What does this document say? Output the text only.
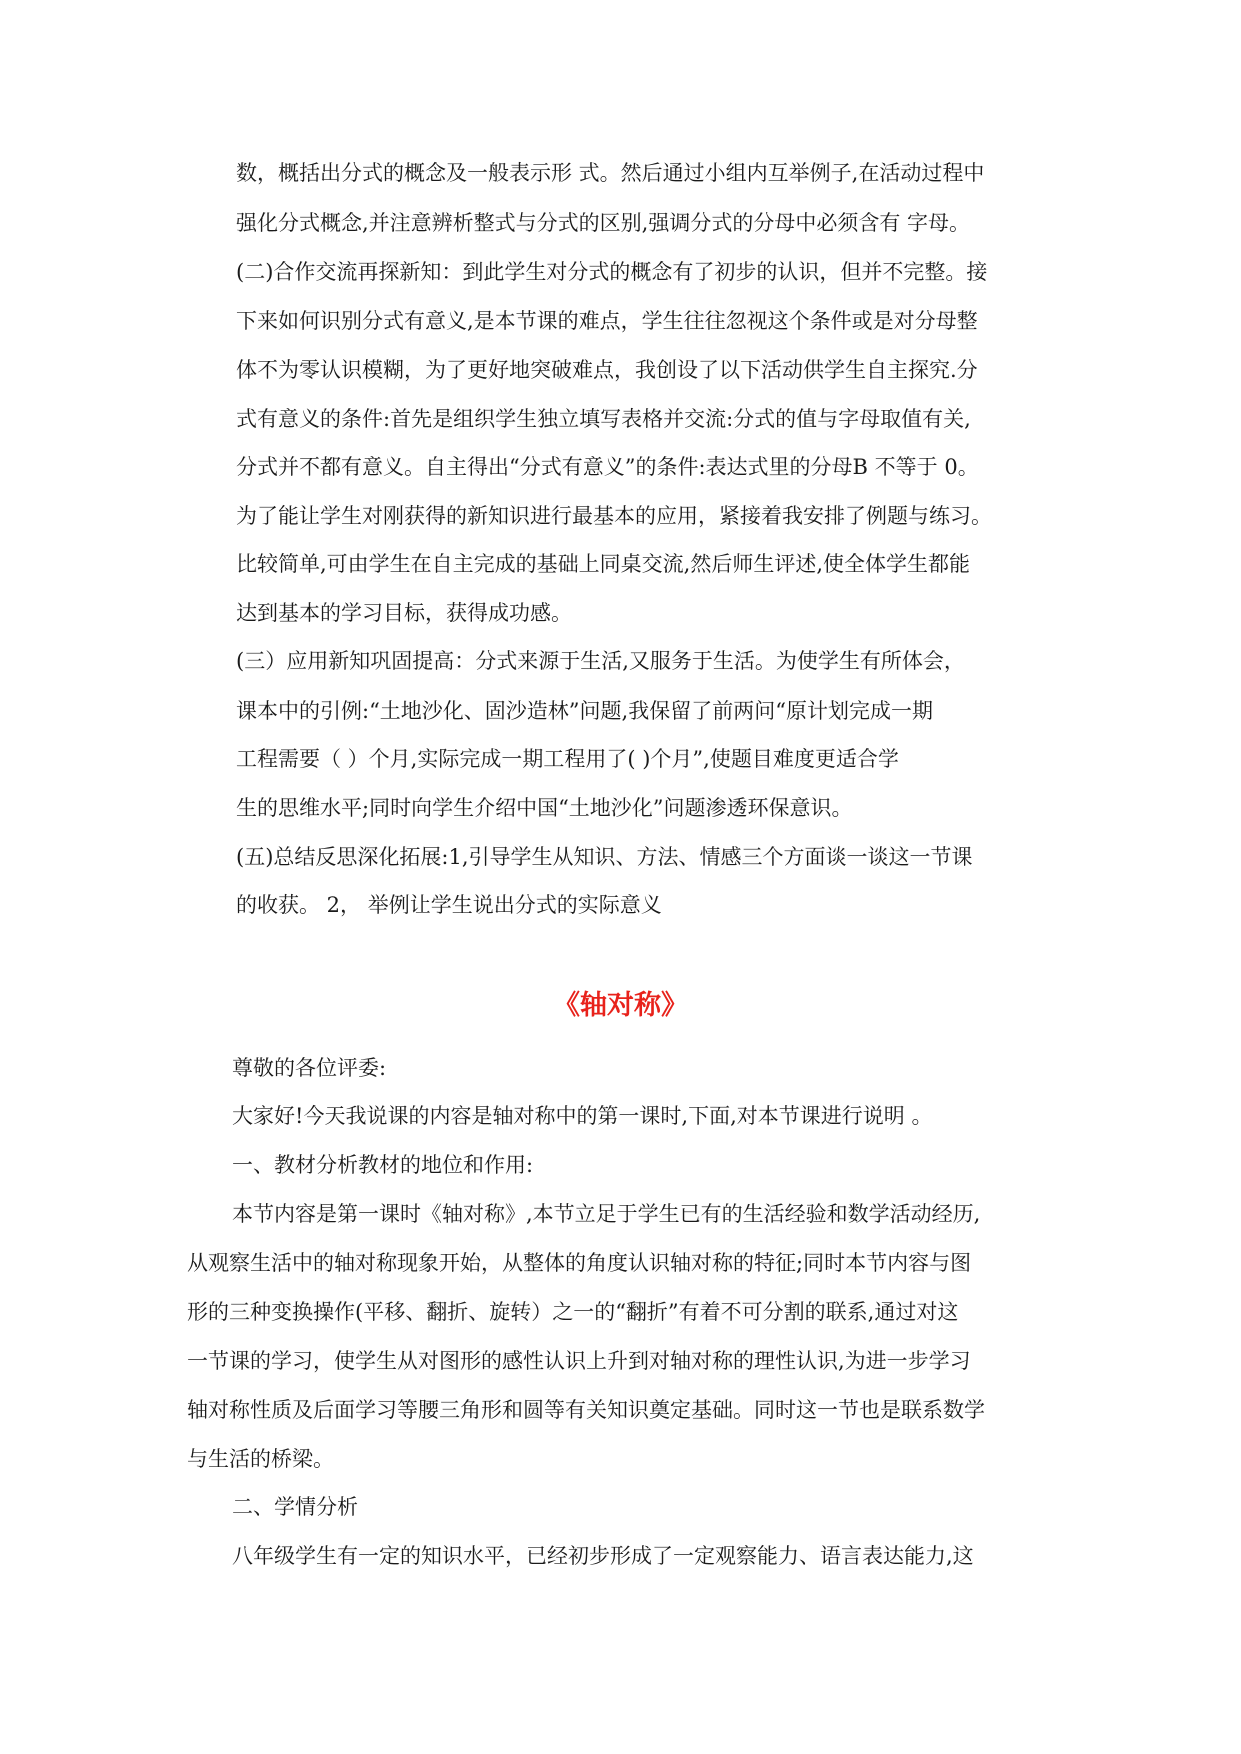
数，概括出分式的概念及一般表示形 式。然后通过小组内互举例子,在活动过程中
强化分式概念,并注意辨析整式与分式的区别,强调分式的分母中必须含有 字母。
(二)合作交流再探新知：到此学生对分式的概念有了初步的认识，但并不完整。接
下来如何识别分式有意义,是本节课的难点，学生往往忽视这个条件或是对分母整
体不为零认识模糊，为了更好地突破难点，我创设了以下活动供学生自主探究.分
式有意义的条件:首先是组织学生独立填写表格并交流:分式的值与字母取值有关,
分式并不都有意义。自主得出“分式有意义”的条件:表达式里的分母B 不等于 0。
为了能让学生对刚获得的新知识进行最基本的应用，紧接着我安排了例题与练习。
比较简单,可由学生在自主完成的基础上同桌交流,然后师生评述,使全体学生都能
达到基本的学习目标，获得成功感。
(三）应用新知巩固提高：分式来源于生活,又服务于生活。为使学生有所体会，
课本中的引例:“土地沙化、固沙造林”问题,我保留了前两问“原计划完成一期
工程需要（ ）个月,实际完成一期工程用了( )个月”,使题目难度更适合学
生的思维水平;同时向学生介绍中国“土地沙化”问题渗透环保意识。
(五)总结反思深化拓展:1,引导学生从知识、方法、情感三个方面谈一谈这一节课
的收获。 2， 举例让学生说出分式的实际意义
《轴对称》
尊敬的各位评委:
大家好!今天我说课的内容是轴对称中的第一课时,下面,对本节课进行说明 。
一、教材分析教材的地位和作用:
本节内容是第一课时《轴对称》,本节立足于学生已有的生活经验和数学活动经历,
从观察生活中的轴对称现象开始，从整体的角度认识轴对称的特征;同时本节内容与图
形的三种变换操作(平移、翻折、旋转）之一的“翻折”有着不可分割的联系,通过对这
一节课的学习，使学生从对图形的感性认识上升到对轴对称的理性认识,为进一步学习
轴对称性质及后面学习等腰三角形和圆等有关知识奠定基础。同时这一节也是联系数学
与生活的桥梁。
二、学情分析
八年级学生有一定的知识水平，已经初步形成了一定观察能力、语言表达能力,这
